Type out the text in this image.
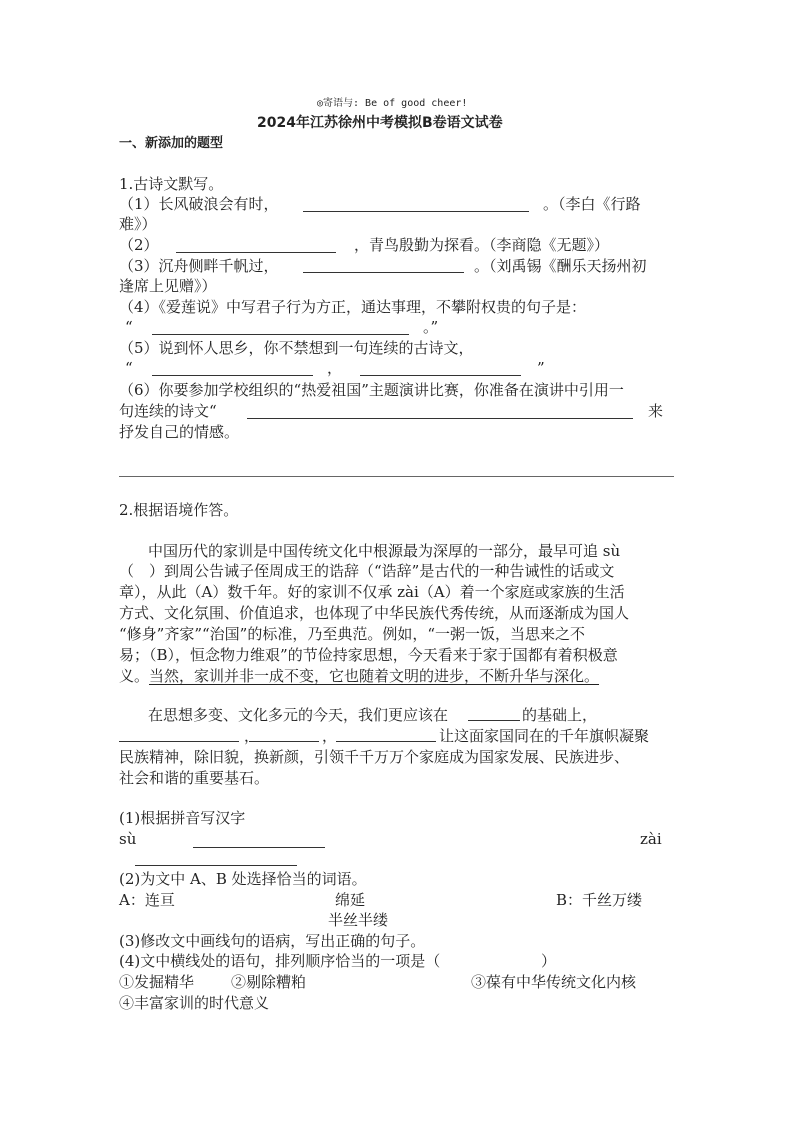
◎寄语与: Be of good cheer!
2024年江苏徐州中考模拟B卷语文试卷
一、新添加的题型
1.古诗文默写。
（1）长风破浪会有时，	。（李白《行路
难》）
（2）	，青鸟殷勤为探看。（李商隐《无题》）
（3）沉舟侧畔千帆过，	。（刘禹锡《酬乐天扬州初
逢席上见赠》）
（4）《爱莲说》中写君子行为方正，通达事理，不攀附权贵的句子是：
“	。”
（5）说到怀人思乡，你不禁想到一句连续的古诗文，
“	，	”
（6）你要参加学校组织的“热爱祖国”主题演讲比赛，你准备在演讲中引用一
句连续的诗文“	来
抒发自己的情感。
2.根据语境作答。
中国历代的家训是中国传统文化中根源最为深厚的一部分，最早可追 sù
（　）到周公告诫子侄周成王的诰辞（“诰辞”是古代的一种告诫性的话或文
章），从此（A）数千年。好的家训不仅承 zài（A）着一个家庭或家族的生活
方式、文化氛围、价值追求，也体现了中华民族代秀传统，从而逐渐成为国人
“修身”齐家”“治国”的标准，乃至典范。例如，“一粥一饭，当思来之不
易；（B），恒念物力维艰”的节俭持家思想，今天看来于家于国都有着积极意
义。 当然，家训并非一成不变，它也随着文明的进步，不断升华与深化。
在思想多变、文化多元的今天，我们更应该在	的基础上，
，	，	让这面家国同在的千年旗帜凝聚
民族精神，除旧貌，换新颜，引领千千万万个家庭成为国家发展、民族进步、
社会和谐的重要基石。
(1)根据拼音写汉字
sù	zài
(2)为文中 A、B 处选择恰当的词语。
A：连亘	绵延	B：千丝万缕
半丝半缕
(3)修改文中画线句的语病，写出正确的句子。
(4)文中横线处的语句，排列顺序恰当的一项是（	）
①发掘精华 ②剔除糟粕	③葆有中华传统文化内核
④丰富家训的时代意义
